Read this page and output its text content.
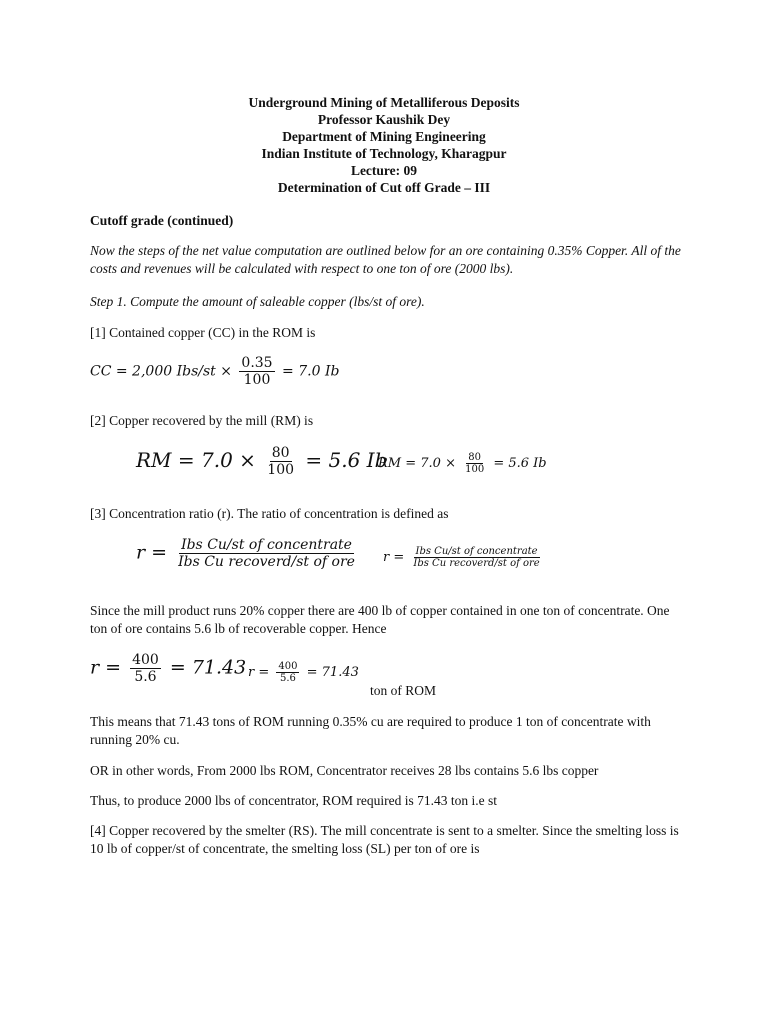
Underground Mining of Metalliferous Deposits
Professor Kaushik Dey
Department of Mining Engineering
Indian Institute of Technology, Kharagpur
Lecture: 09
Determination of Cut off Grade – III
Cutoff grade (continued)
Now the steps of the net value computation are outlined below for an ore containing 0.35% Copper. All of the costs and revenues will be calculated with respect to one ton of ore (2000 lbs).
Step 1. Compute the amount of saleable copper (lbs/st of ore).
[1] Contained copper (CC) in the ROM is
CC = 2,000 $Ibs/st \times \frac{0.35}{100} = 7.0$ Ib
[2] Copper recovered by the mill (RM) is
RM = $7.0 \times \frac{80}{100} = 5.6$ Ib
RM = $7.0 \times \frac{80}{100} = 5.6$ Ib
[3] Concentration ratio (r). The ratio of concentration is defined as
$r = \frac{\text{Ibs Cu/st of concentrate}}{\text{Ibs Cu recoverd/st of ore}}$ $r = \frac{\text{Ibs Cu/st of concentrate}}{\text{Ibs Cu recoverd/st of ore}}$
Since the mill product runs 20% copper there are 400 lb of copper contained in one ton of concentrate. One ton of ore contains 5.6 lb of recoverable copper. Hence
$r = \frac{400}{5.6} = 71.43$ $r = \frac{400}{5.6} = 71.43$
ton of ROM
This means that 71.43 tons of ROM running 0.35% cu are required to produce 1 ton of concentrate with running 20% cu.
OR in other words, From 2000 lbs ROM, Concentrator receives 28 lbs contains 5.6 lbs copper
Thus, to produce 2000 lbs of concentrator, ROM required is 71.43 ton i.e st
[4] Copper recovered by the smelter (RS). The mill concentrate is sent to a smelter. Since the smelting loss is 10 lb of copper/st of concentrate, the smelting loss (SL) per ton of ore is
